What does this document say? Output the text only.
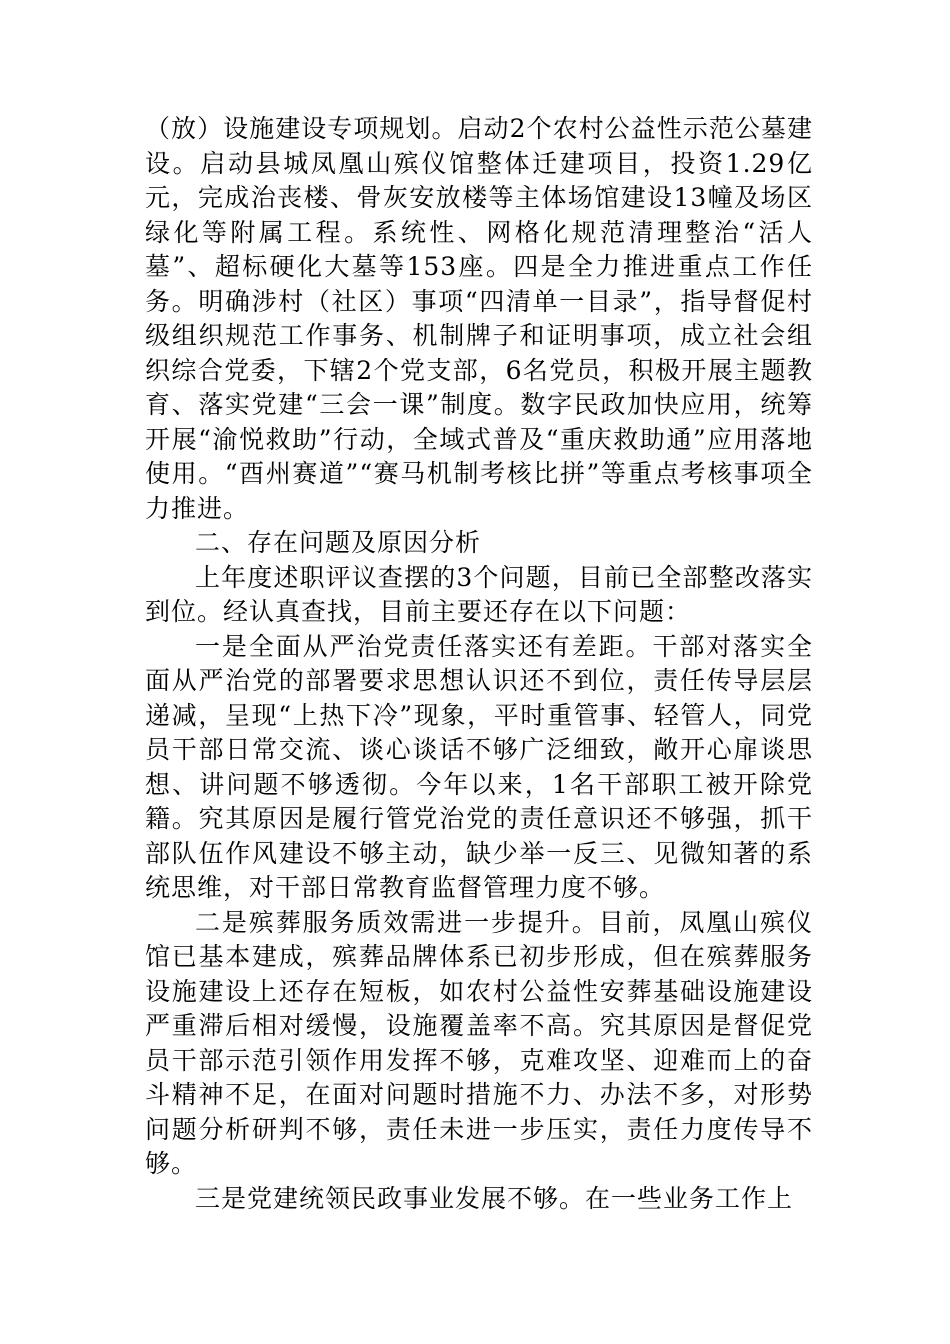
（放）设施建设专项规划。启动2个农村公益性示范公墓建设。启动县城凤凰山殡仪馆整体迁建项目，投资1.29亿元，完成治丧楼、骨灰安放楼等主体场馆建设13幢及场区绿化等附属工程。系统性、网格化规范清理整治“活人墓”、超标硬化大墓等153座。四是全力推进重点工作任务。明确涉村（社区）事项“四清单一目录”，指导督促村级组织规范工作事务、机制牌子和证明事项，成立社会组织综合党委，下辖2个党支部，6名党员，积极开展主题教育、落实党建“三会一课”制度。数字民政加快应用，统筹开展“渝悦救助”行动，全域式普及“重庆救助通”应用落地使用。“酉州赛道”“赛马机制考核比拼”等重点考核事项全力推进。

二、存在问题及原因分析

上年度述职评议查摆的3个问题，目前已全部整改落实到位。经认真查找，目前主要还存在以下问题：

一是全面从严治党责任落实还有差距。干部对落实全面从严治党的部署要求思想认识还不到位，责任传导层层递减，呈现“上热下冷”现象，平时重管事、轻管人，同党员干部日常交流、谈心谈话不够广泛细致，敞开心扉谈思想、讲问题不够透彻。今年以来，1名干部职工被开除党籍。究其原因是履行管党治党的责任意识还不够强，抓干部队伍作风建设不够主动，缺少举一反三、见微知著的系统思维，对干部日常教育监督管理力度不够。

二是殡葬服务质效需进一步提升。目前，凤凰山殡仪馆已基本建成，殡葬品牌体系已初步形成，但在殡葬服务设施建设上还存在短板，如农村公益性安葬基础设施建设严重滞后相对缓慢，设施覆盖率不高。究其原因是督促党员干部示范引领作用发挥不够，克难攻坚、迎难而上的奋斗精神不足，在面对问题时措施不力、办法不多，对形势问题分析研判不够，责任未进一步压实，责任力度传导不够。

三是党建统领民政事业发展不够。在一些业务工作上
